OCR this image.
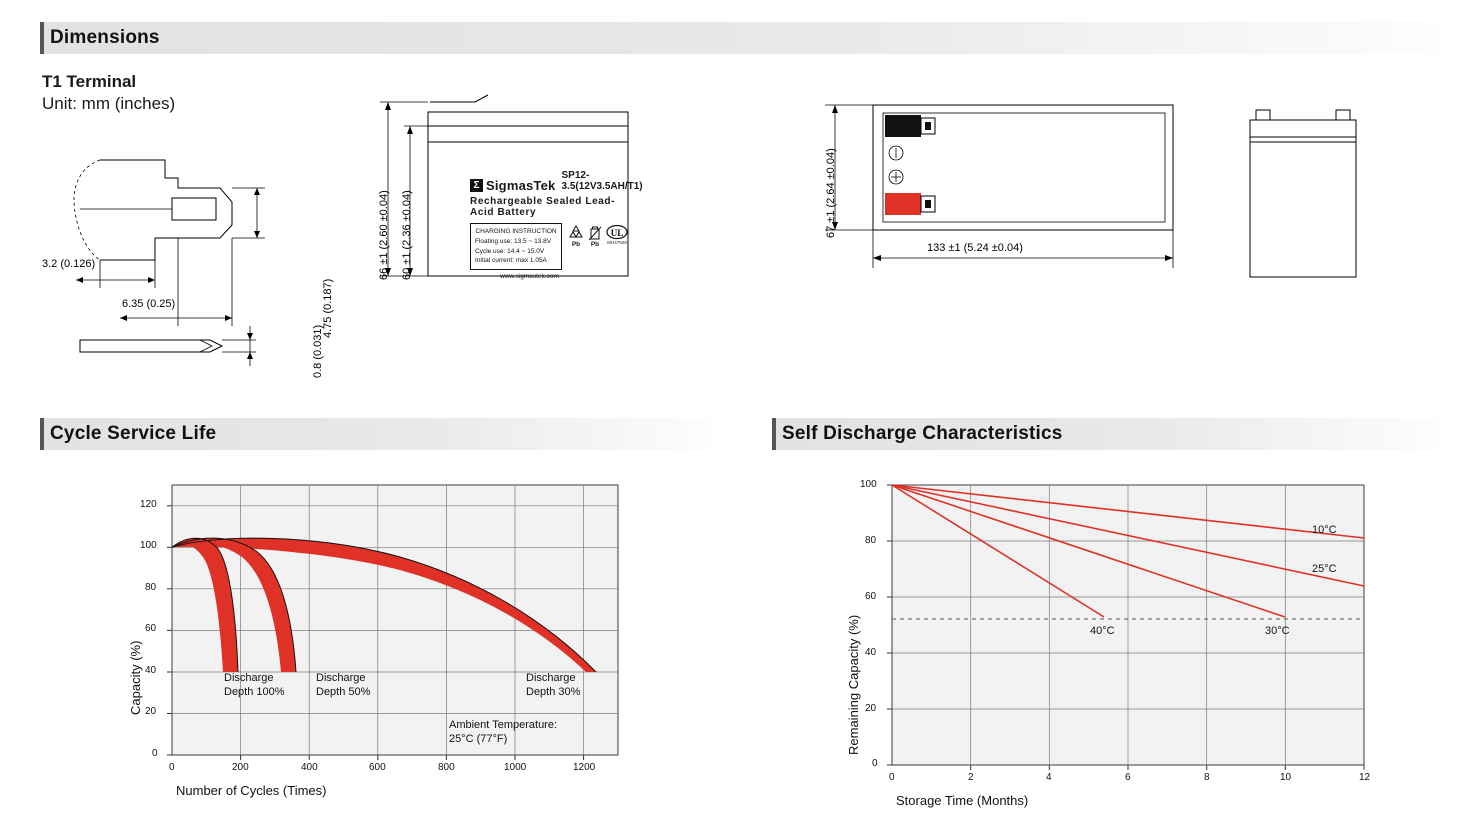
Dimensions
T1 Terminal
Unit: mm (inches)
4.75 (0.187)
3.2 (0.126)
6.35 (0.25)
0.8 (0.031)
66 ±1 (2.60 ±0.04) 60 ±1 (2.36 ±0.04)
Σ SigmasTek
SP12-3.5(12V3.5AH/T1)
Rechargeable Sealed Lead-Acid Battery
CHARGING INSTRUCTION
Floating use: 13.5 ~ 13.8V
Cycle use: 14.4 ~ 15.0V
Initial current: max 1.05A
Pb	Pb
UL
MH47929
www.sigmastek.com
67 ±1 (2.64 ±0.04)
133 ±1 (5.24 ±0.04)
Cycle Service Life
0
20
40
60
80
100
120
0	200	400	600	800	1000	1200
Capacity (%)
Number of Cycles (Times)
Discharge
Depth 100%
Discharge
Depth 50%
Discharge
Depth 30%
Ambient Temperature:
25°C (77°F)
Self Discharge Characteristics
0
20
40
60
80
100
0	2	4	6	8	10	12
Remaining Capacity (%)
Storage Time (Months)
10°C
25°C
40°C	30°C
